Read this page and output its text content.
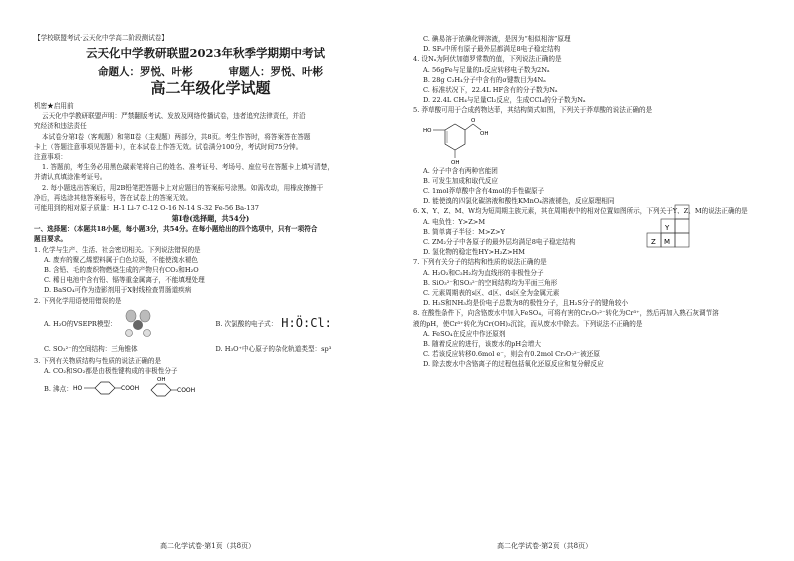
【学校联盟考试·云天化中学高二阶段测试卷】
云天化中学教研联盟2023年秋季学期期中考试
命题人：罗悦、叶彬	审题人：罗悦、叶彬
高二年级化学试题
机密★启用前
云天化中学教研联盟声明：严禁翻版考试、发放及网络传播试卷，违者追究法律责任，并沿
究经济和违法责任
本试卷分第Ⅰ卷（客观题）和第Ⅱ卷（主观题）两部分，共8页。考生作答时，将答案答在答题
卡上（答题注意事项见答题卡），在本试卷上作答无效。试卷满分100分，考试时间75分钟。
注意事项：
1. 答题前，考生务必用黑色碳素笔将自己的姓名、准考证号、考场号、座位号在答题卡上填写清楚，
并请认真填涂准考证号。
2. 每小题选出答案后，用2B铅笔把答题卡上对应题目的答案标号涂黑。如需改动，用橡皮擦擦干
净后，再选涂其他答案标号，答在试卷上的答案无效。
可能用到的相对原子质量：H-1 Li-7 C-12 O-16 N-14 S-32 Fe-56 Ba-137
第Ⅰ卷(选择题，共54分)
一、选择题：（本题共18小题，每小题3分，共54分。在每小题给出的四个选项中，只有一项符合
题目要求。
1. 化学与生产、生活、社会密切相关。下列说法错误的是
A. 废弃的聚乙烯塑料属于白色垃圾，不能使溴水褪色
B. 含铅、毛的废织物燃烧生成的产物只有CO₂和H₂O
C. 稀日电池中含有铅、镉等重金属离子，不能填埋处理
D. BaSO₄可作为造影剂用于X射线检查胃肠道疾病
2. 下列化学用语使用错误的是
A. H₂O的VSEPR模型：	B. 次氯酸的电子式： H:Ö:Cl:
C. SO₃²⁻的空间结构：三角锥体	D. H₃O⁺中心原子的杂化轨道类型：sp³
3. 下列有关物质结构与性质的说法正确的是
A. CO₂和SO₂都是由极性键构成的非极性分子
B. 沸点： HO	COOH
OH
COOH
高二化学试卷·第1页（共8页）
C. 碘易溶于浓碘化钾溶液，是因为“相似相溶”原理
D. SF₆中所有原子最外层都满足8电子稳定结构
4. 设Nₐ为阿伏加德罗常数的值，下列说法正确的是
A. 56gFe与足量的I₂反应转移电子数为2Nₐ
B. 28g C₂H₄分子中含有的σ键数目为4Nₐ
C. 标准状况下，22.4L HF含有的分子数为Nₐ
D. 22.4L CH₄与足量Cl₂反应，生成CCl₄的分子数为Nₐ
5. 莽草酸可用于合成药物达菲，其结构简式如图，下列关于莽草酸的说法正确的是
HO
OH
O
OH
A. 分子中含有两种官能团
B. 可发生加成和取代反应
C. 1mol莽草酸中含有4mol的手性碳原子
D. 能使溴的四氯化碳溶液和酸性KMnO₄溶液褪色，反应原理相同
6. X、Y、Z、M、W均为短周期主族元素，其在周期表中的相对位置如图所示，下列关于Y、Z、M的说法正确的是
A. 电负性：Y>Z>M
B. 简单离子半径：M>Z>Y
C. ZM₂分子中各原子的最外层均满足8电子稳定结构
D. 氢化物的稳定性HY>H₂Z>HM
Y
Z M
7. 下列有关分子的结构和性质的说法正确的是
A. H₂O₂和C₂H₂均为直线形的非极性分子
B. SiO₃²⁻和SO₃²⁻的空间结构均为平面三角形
C. 元素周期表的s区、d区、ds区全为金属元素
D. H₂S和NH₃均是价电子总数为8的极性分子，且H₂S分子的键角较小
8. 在酸性条件下，向含铬废水中加入FeSO₄，可将有害的Cr₂O₇²⁻转化为Cr³⁺，然后再加入熟石灰调节溶
液的pH，使Cr³⁺转化为Cr(OH)₃沉淀，而从废水中除去。下列说法不正确的是
A. FeSO₄在反应中作还原剂
B. 随着反应的进行，该废水的pH会增大
C. 若该反应转移0.6mol e⁻，则会有0.2mol Cr₂O₇²⁻被还原
D. 除去废水中含铬离子的过程包括氧化还原反应和复分解反应
高二化学试卷·第2页（共8页）
